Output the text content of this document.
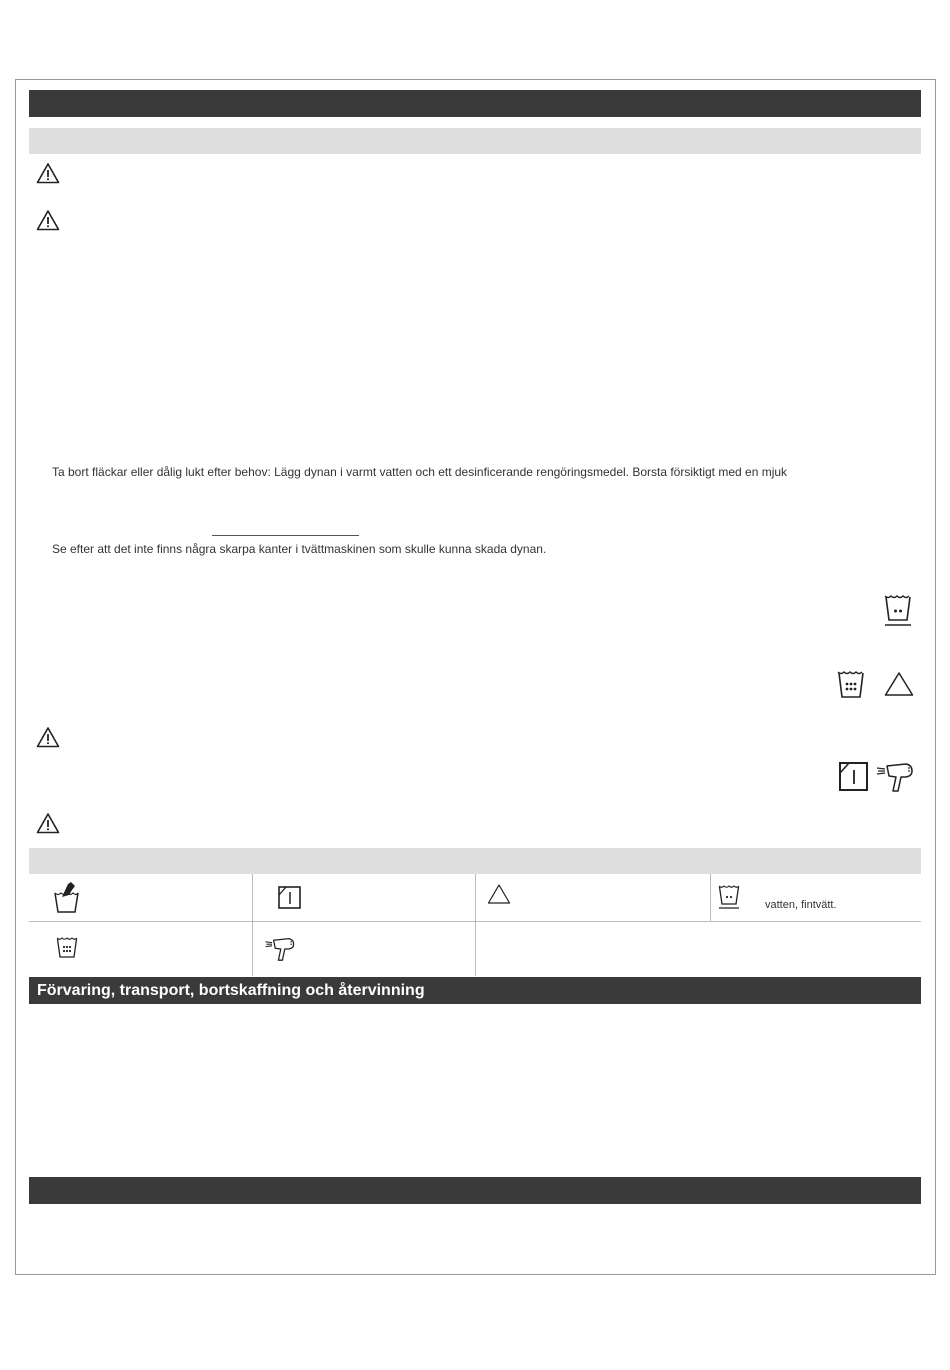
Ta bort fläckar eller dålig lukt efter behov: Lägg dynan i varmt vatten och ett desinficerande rengöringsmedel. Borsta försiktigt med en mjuk
Se efter att det inte finns några skarpa kanter i tvättmaskinen som skulle kunna skada dynan.
vatten, fintvätt.
Förvaring, transport, bortskaffning och återvinning
